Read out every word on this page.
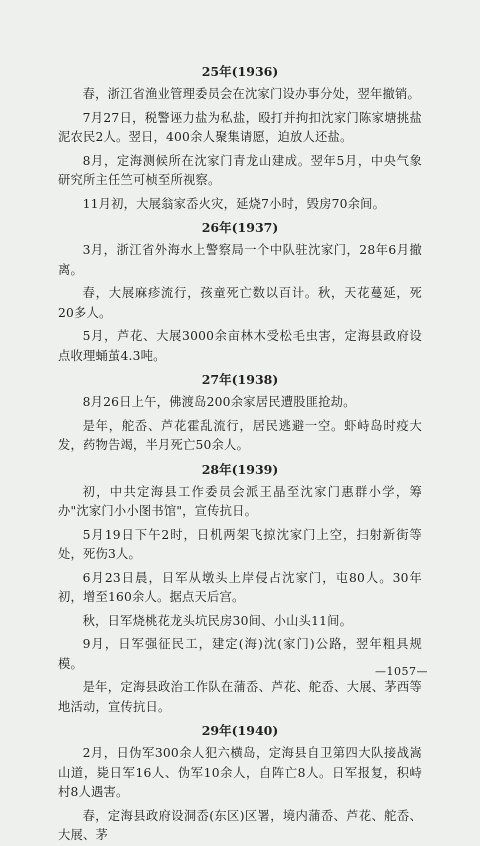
25年(1936)
春，浙江省渔业管理委员会在沈家门设办事分处，翌年撤销。
7月27日，税警诬力盐为私盐，殴打并拘扣沈家门陈家塘挑盐泥农民2人。翌日，400余人聚集请愿，迫放人还盐。
8月，定海测候所在沈家门青龙山建成。翌年5月，中央气象研究所主任竺可桢至所视察。
11月初，大展翁家岙火灾，延烧7小时，毁房70余间。
26年(1937)
3月，浙江省外海水上警察局一个中队驻沈家门，28年6月撤离。
春，大展麻疹流行，孩童死亡数以百计。秋，天花蔓延，死20多人。
5月，芦花、大展3000余亩林木受松毛虫害，定海县政府设点收理蛹茧4.3吨。
27年(1938)
8月26日上午，佛渡岛200余家居民遭股匪抢劫。
是年，舵岙、芦花霍乱流行，居民逃避一空。虾峙岛时疫大发，药物告竭，半月死亡50余人。
28年(1939)
初，中共定海县工作委员会派王晶至沈家门惠群小学，筹办"沈家门小小图书馆"，宣传抗日。
5月19日下午2时，日机两架飞掠沈家门上空，扫射新街等处，死伤3人。
6月23日晨，日军从墩头上岸侵占沈家门，屯80人。30年初，增至160余人。据点天后宫。
秋，日军烧桃花龙头坑民房30间、小山头11间。
9月，日军强征民工，建定(海)沈(家门)公路，翌年粗具规模。
是年，定海县政治工作队在蒲岙、芦花、舵岙、大展、茅西等地活动，宣传抗日。
29年(1940)
2月，日伪军300余人犯六横岛，定海县自卫第四大队接战嵩山道，毙日军16人、伪军10余人，自阵亡8人。日军报复，积峙村8人遇害。
春，定海县政府设洞岙(东区)区署，境内蒲岙、芦花、舵岙、大展、茅
—1057—
